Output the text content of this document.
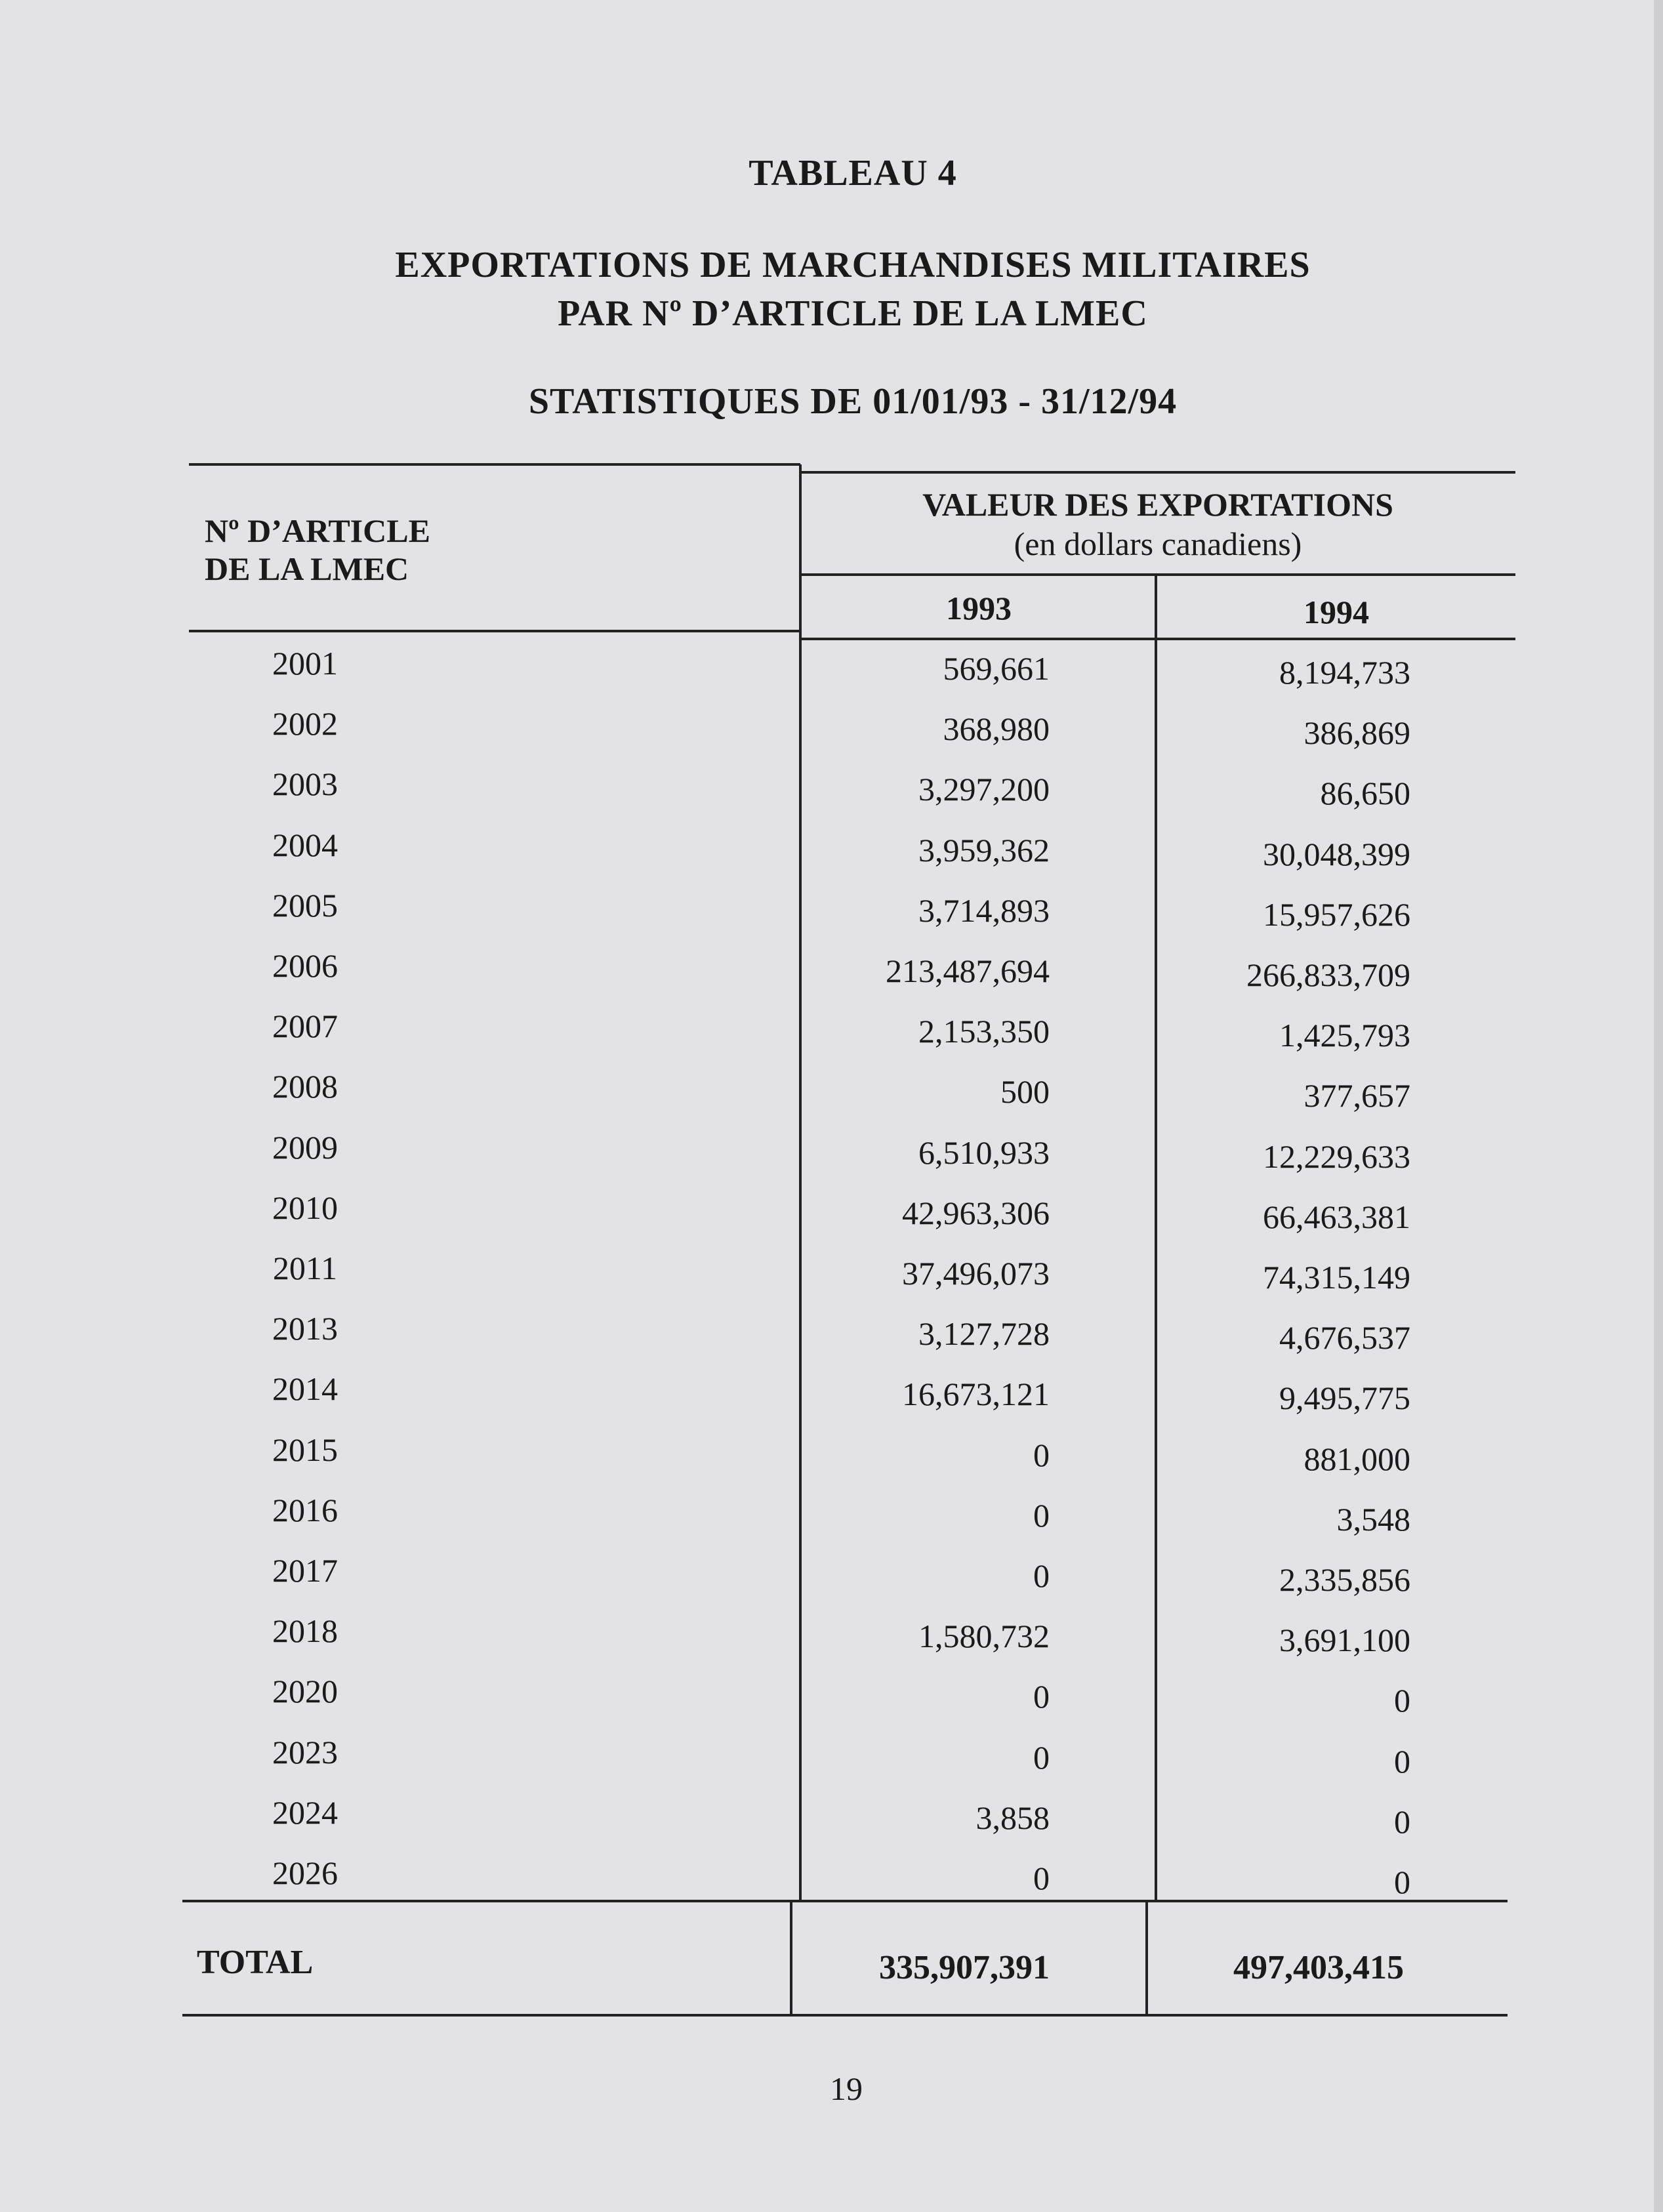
TABLEAU 4
EXPORTATIONS DE MARCHANDISES MILITAIRES
PAR Nº D’ARTICLE DE LA LMEC
STATISTIQUES DE 01/01/93 - 31/12/94
Nº D’ARTICLE
DE LA LMEC
VALEUR DES EXPORTATIONS
(en dollars canadiens)
1993	1994
2001	569,661	8,194,733
2002	368,980	386,869
2003	3,297,200	86,650
2004	3,959,362	30,048,399
2005	3,714,893	15,957,626
2006	213,487,694	266,833,709
2007	2,153,350	1,425,793
2008	500	377,657
2009	6,510,933	12,229,633
2010	42,963,306	66,463,381
2011	37,496,073	74,315,149
2013	3,127,728	4,676,537
2014	16,673,121	9,495,775
2015	0	881,000
2016	0	3,548
2017	0	2,335,856
2018	1,580,732	3,691,100
2020	0	0
2023	0	0
2024	3,858	0
2026	0	0
TOTAL	335,907,391	497,403,415
19
